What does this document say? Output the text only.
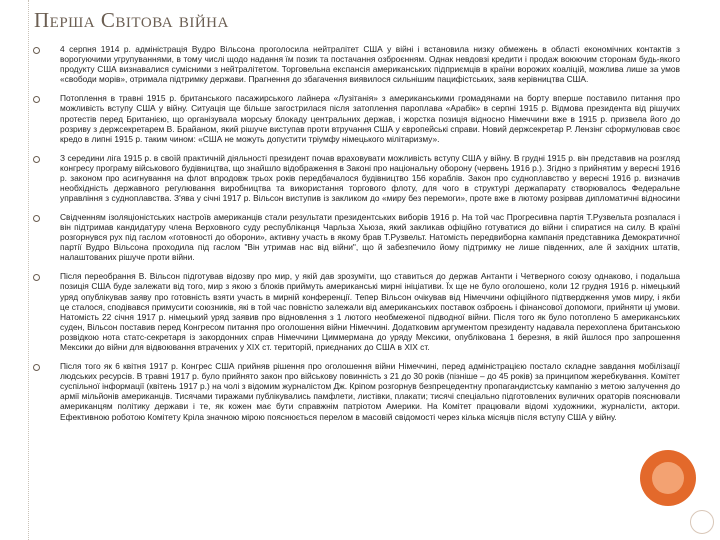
Перша Світова війна

4 серпня 1914 р. адміністрація Вудро Вільсона проголосила нейтралітет США у війні і встановила низку обмежень в області економічних контактів з ворогуючими угрупуваннями, в тому числі щодо надання їм позик та постачання озброєнням. Однак невдовзі кредити і продаж воюючим сторонам будь-якого продукту США визнавалися сумісними з нейтралітетом. Торговельна експансія американських підприємців в країни ворожих коаліцій, можлива лише за умов «свободи морів», отримала підтримку держави. Прагнення до збагачення виявилося сильнішим пацифістських, заяв керівництва США.

Потоплення в травні 1915 р. британського пасажирського лайнера «Лузітанія» з американськими громадянами на борту вперше поставило питання про можливість вступу США у війну. Ситуація ще більше загострилася після затоплення пароплава «Арабік» в серпні 1915 р. Відмова президента від рішучих протестів перед Британією, що організувала морську блокаду центральних держав, і жорстка позиція відносно Німеччини вже в 1915 р. призвела його до розриву з держсекретарем В. Брайаном, який рішуче виступав проти втручання США у європейські справи. Новий держсекретар Р. Лензінг сформулював своє кредо в липні 1915 р. таким чином: «США не можуть допустити тріумфу німецького мілітаризму».

З середини ліга 1915 р. в своїй практичній діяльності президент почав враховувати можливість вступу США у війну. В грудні 1915 р. він представив на розгляд конгресу програму військового будівництва, що знайшло відображення в Законі про національну оборону (червень 1916 р.). Згідно з прийнятим у вересні 1916 р. законом про асигнування на флот впродовж трьох років передбачалося будівництво 156 кораблів. Закон про судноплавство у вересні 1916 р. визначив необхідність державного регулювання виробництва та використання торгового флоту, для чого в структурі держапарату створювалось Федеральне управління з судноплавства. З'ява у січні 1917 р. Вільсон виступив із закликом до «миру без перемоги», проте вже в лютому розірвав дипломатичні відносини

Свідченням ізоляціоністських настроїв американців стали результати президентських виборів 1916 р. На той час Прогресивна партія Т.Рузвельта розпалася і він підтримав кандидатуру члена Верховного суду республіканця Чарльза Хьюза, який закликав офіційно готуватися до війни і спиратися на силу. В країні розгорнувся рух під гаслом «готовності до оборони», активну участь в якому брав Т.Рузвельт. Натомість передвиборна кампанія представника Демократичної партії Вудро Вільсона проходила під гаслом "Він утримав нас від війни", що й забезпечило йому підтримку не лише південних, але й західних штатів, налаштованих рішуче проти війни.

Після переобрання В. Вільсон підготував відозву про мир, у якій дав зрозуміти, що ставиться до держав Антанти і Четверного союзу однаково, і подальша позиція США буде залежати від того, мир з якою з блоків приймуть американські мирні ініціативи. Їх ще не було оголошено, коли 12 грудня 1916 р. німецький уряд опублікував заяву про готовність взяти участь в мирній конференції. Тепер Вільсон очікував від Німеччини офіційного підтвердження умов миру, і якби це сталося, сподівався примусити союзників, які в той час повністю залежали від американських поставок озброєнь і фінансової допомоги, прийняти ці умови. Натомість 22 січня 1917 р. німецький уряд заявив про відновлення з 1 лютого необмеженої підводної війни. Після того як було потоплено 5 американських суден, Вільсон поставив перед Конгресом питання про оголошення війни Німеччині. Додатковим аргументом президенту надавала перехоплена британською розвідкою нота статс-секретаря із закордонних справ Німеччини Циммермана до уряду Мексики, опублікована 1 березня, в якій йшлося про запрошення Мексики до війни для відвоювання втрачених у XIX ст. територій, приєднаних до США в XIX ст.

Після того як 6 квітня 1917 р. Конгрес США прийняв рішення про оголошення війни Німеччині, перед адміністрацією постало складне завдання мобілізації людських ресурсів. В травні 1917 р. було прийнято закон про військову повинність з 21 до 30 років (пізніше – до 45 років) за принципом жеребкування. Комітет суспільної інформації (квітень 1917 р.) на чолі з відомим журналістом Дж. Кріпом розгорнув безпрецедентну пропагандистську кампанію з метою залучення до армії мільйонів американців. Тисячами тиражами публікувались памфлети, листівки, плакати; тисячі спеціально підготовлених вуличних ораторів пояснювали американцям політику держави і те, як кожен має бути справжнім патріотом Америки. На Комітет працювали відомі художники, журналісти, актори. Ефективною роботою Комітету Кріла значною мірою пояснюється перелом в масовій свідомості через кілька місяців після вступу США у війну.
